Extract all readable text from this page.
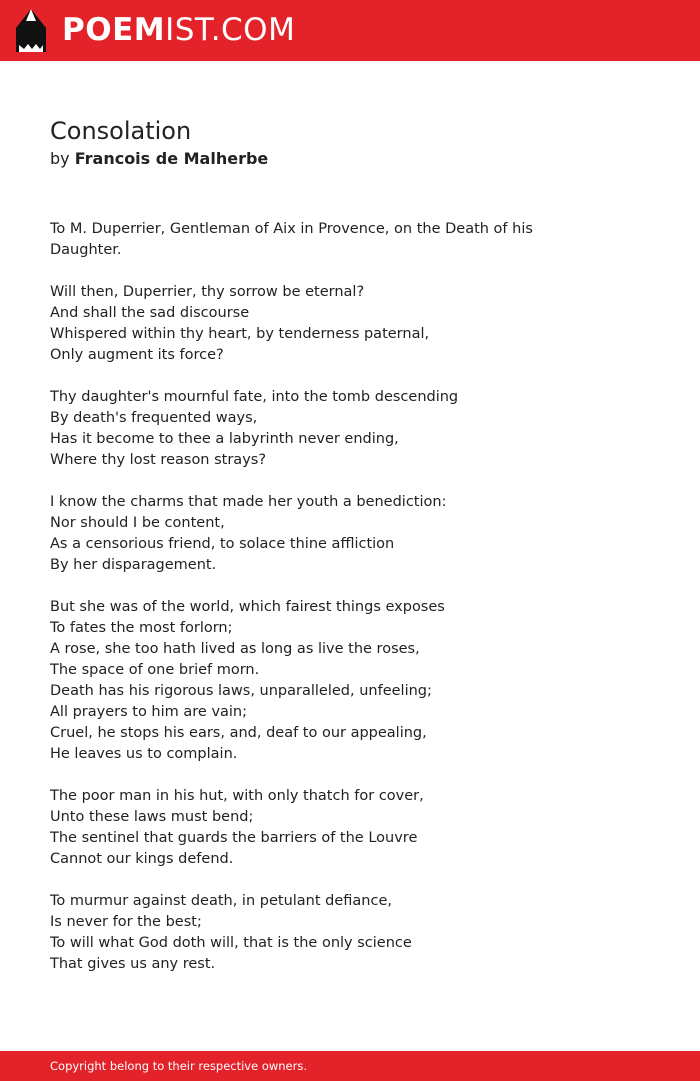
POEMIST.COM
Consolation
by Francois de Malherbe

To M. Duperrier, Gentleman of Aix in Provence, on the Death of his
Daughter.

Will then, Duperrier, thy sorrow be eternal?
And shall the sad discourse
Whispered within thy heart, by tenderness paternal,
Only augment its force?

Thy daughter's mournful fate, into the tomb descending
By death's frequented ways,
Has it become to thee a labyrinth never ending,
Where thy lost reason strays?

I know the charms that made her youth a benediction:
Nor should I be content,
As a censorious friend, to solace thine affliction
By her disparagement.

But she was of the world, which fairest things exposes
To fates the most forlorn;
A rose, she too hath lived as long as live the roses,
The space of one brief morn.
Death has his rigorous laws, unparalleled, unfeeling;
All prayers to him are vain;
Cruel, he stops his ears, and, deaf to our appealing,
He leaves us to complain.

The poor man in his hut, with only thatch for cover,
Unto these laws must bend;
The sentinel that guards the barriers of the Louvre
Cannot our kings defend.

To murmur against death, in petulant defiance,
Is never for the best;
To will what God doth will, that is the only science
That gives us any rest.

Copyright belong to their respective owners.
